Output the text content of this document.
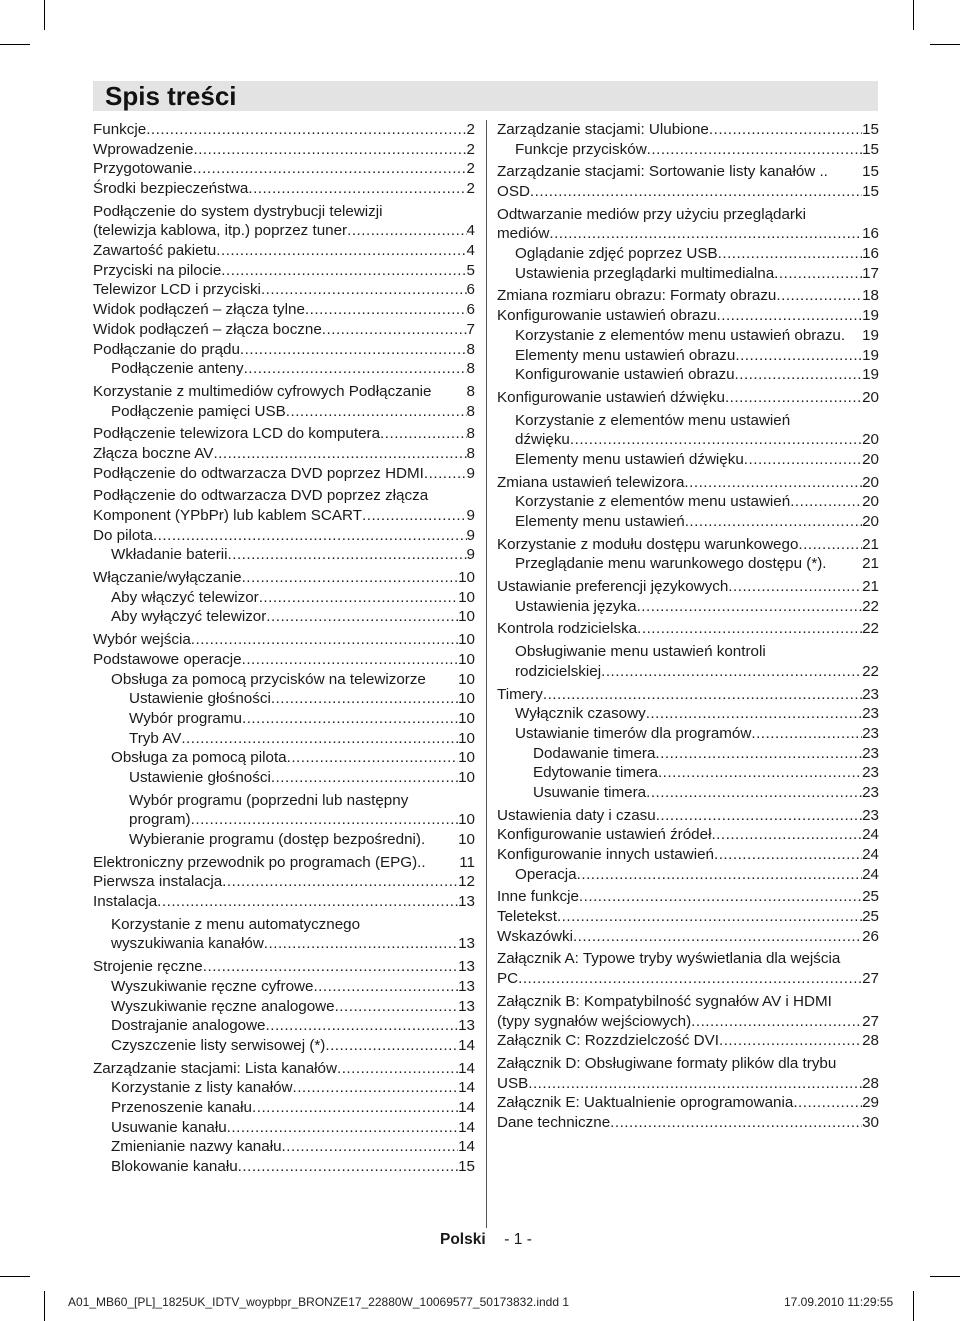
Spis treści
Funkcje .....	2
Wprowadzenie .....	2
Przygotowanie .....	2
Środki bezpieczeństwa .....	2
Podłączenie do system dystrybucji telewizji
(telewizja kablowa, itp.) poprzez tuner .....	4
Zawartość pakietu .....	4
Przyciski na pilocie .....	5
Telewizor LCD i przyciski .....	6
Widok podłączeń – złącza tylne .....	6
Widok podłączeń – złącza boczne .....	7
Podłączanie do prądu .....	8
Podłączenie anteny .....	8
Korzystanie z multimediów cyfrowych Podłączanie 8
Podłączenie pamięci USB .....	8
Podłączenie telewizora LCD do komputera .....	8
Złącza boczne AV .....	8
Podłączenie do odtwarzacza DVD poprzez HDMI .....	9
Podłączenie do odtwarzacza DVD poprzez złącza
Komponent (YPbPr) lub kablem SCART .....	9
Do pilota .....	9
Wkładanie baterii .....	9
Włączanie/wyłączanie .....	10
Aby włączyć telewizor .....	10
Aby wyłączyć telewizor .....	10
Wybór wejścia .....	10
Podstawowe operacje .....	10
Obsługa za pomocą przycisków na telewizorze 10
Ustawienie głośności .....	10
Wybór programu .....	10
Tryb AV .....	10
Obsługa za pomocą pilota .....	10
Ustawienie głośności .....	10
Wybór programu (poprzedni lub następny
program) .....	10
Wybieranie programu (dostęp bezpośredni). 10
Elektroniczny przewodnik po programach (EPG).. 11
Pierwsza instalacja .....	12
Instalacja .....	13
Korzystanie z menu automatycznego
wyszukiwania kanałów .....	13
Strojenie ręczne .....	13
Wyszukiwanie ręczne cyfrowe .....	13
Wyszukiwanie ręczne analogowe .....	13
Dostrajanie analogowe .....	13
Czyszczenie listy serwisowej (*) .....	14
Zarządzanie stacjami: Lista kanałów .....	14
Korzystanie z listy kanałów .....	14
Przenoszenie kanału .....	14
Usuwanie kanału .....	14
Zmienianie nazwy kanału .....	14
Blokowanie kanału .....	15
Zarządzanie stacjami: Ulubione .....	15
Funkcje przycisków .....	15
Zarządzanie stacjami: Sortowanie listy kanałów .. 15
OSD .....	15
Odtwarzanie mediów przy użyciu przeglądarki
mediów .....	16
Oglądanie zdjęć poprzez USB .....	16
Ustawienia przeglądarki multimedialna .....	17
Zmiana rozmiaru obrazu: Formaty obrazu .....	18
Konfigurowanie ustawień obrazu .....	19
Korzystanie z elementów menu ustawień obrazu. 19
Elementy menu ustawień obrazu .....	19
Konfigurowanie ustawień obrazu .....	19
Konfigurowanie ustawień dźwięku .....	20
Korzystanie z elementów menu ustawień
dźwięku .....	20
Elementy menu ustawień dźwięku .....	20
Zmiana ustawień telewizora .....	20
Korzystanie z elementów menu ustawień .....	20
Elementy menu ustawień .....	20
Korzystanie z modułu dostępu warunkowego .....	21
Przeglądanie menu warunkowego dostępu (*). 21
Ustawianie preferencji językowych .....	21
Ustawienia języka .....	22
Kontrola rodzicielska .....	22
Obsługiwanie menu ustawień kontroli
rodzicielskiej .....	22
Timery .....	23
Wyłącznik czasowy .....	23
Ustawianie timerów dla programów .....	23
Dodawanie timera .....	23
Edytowanie timera .....	23
Usuwanie timera .....	23
Ustawienia daty i czasu .....	23
Konfigurowanie ustawień źródeł .....	24
Konfigurowanie innych ustawień .....	24
Operacja .....	24
Inne funkcje .....	25
Teletekst .....	25
Wskazówki .....	26
Załącznik A: Typowe tryby wyświetlania dla wejścia
PC .....	27
Załącznik B: Kompatybilność sygnałów AV i HDMI
(typy sygnałów wejściowych) .....	27
Załącznik C: Rozzdzielczość DVI .....	28
Załącznik D: Obsługiwane formaty plików dla trybu
USB .....	28
Załącznik E: Uaktualnienie oprogramowania .....	29
Dane techniczne .....	30
Polski - 1 -
A01_MB60_[PL]_1825UK_IDTV_woypbpr_BRONZE17_22880W_10069577_50173832.indd 1	17.09.2010 11:29:55
